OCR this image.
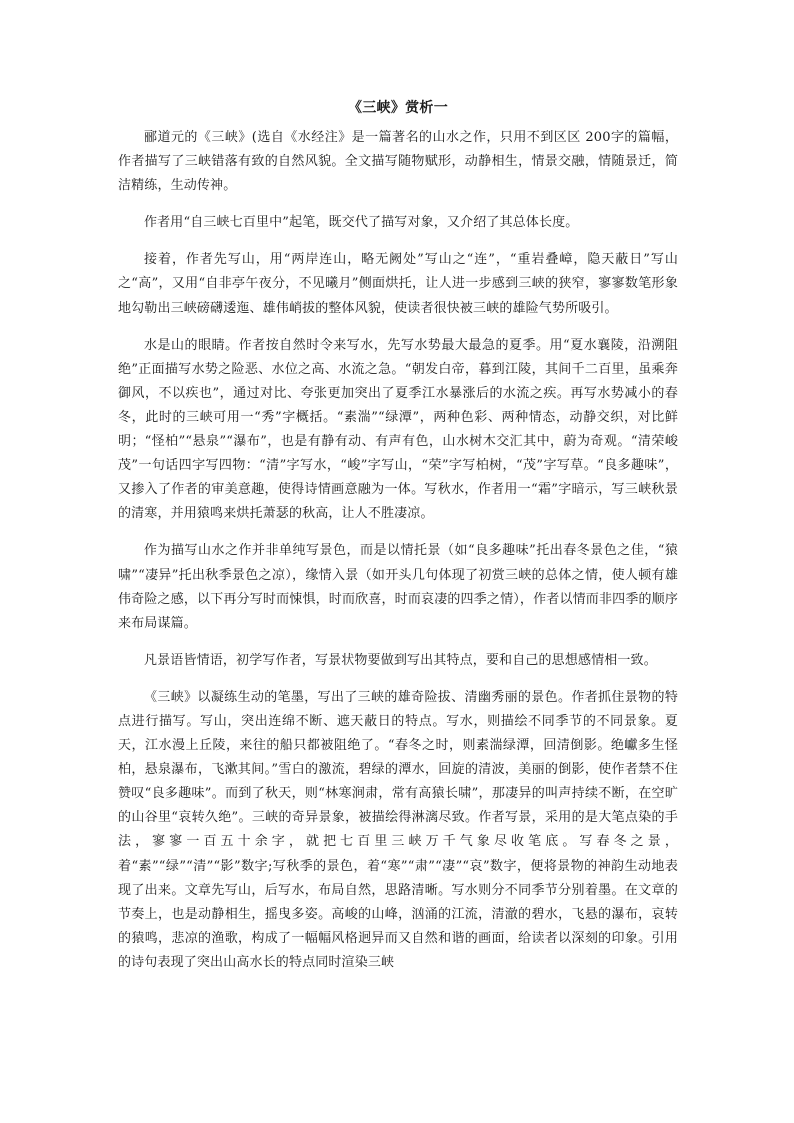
《三峡》赏析一

郦道元的《三峡》(选自《水经注》是一篇著名的山水之作，只用不到区区 200字的篇幅，作者描写了三峡错落有致的自然风貌。全文描写随物赋形，动静相生，情景交融，情随景迁，简洁精练，生动传神。

作者用“自三峡七百里中”起笔，既交代了描写对象，又介绍了其总体长度。

接着，作者先写山，用“两岸连山，略无阙处”写山之“连”，“重岩叠嶂，隐天蔽日”写山之“高”，又用“自非亭午夜分，不见曦月”侧面烘托，让人进一步感到三峡的狭窄，寥寥数笔形象地勾勒出三峡磅礴逶迤、雄伟峭拔的整体风貌，使读者很快被三峡的雄险气势所吸引。

水是山的眼睛。作者按自然时令来写水，先写水势最大最急的夏季。用“夏水襄陵，沿溯阻绝”正面描写水势之险恶、水位之高、水流之急。“朝发白帝，暮到江陵，其间千二百里，虽乘奔御风，不以疾也”，通过对比、夸张更加突出了夏季江水暴涨后的水流之疾。再写水势减小的春冬，此时的三峡可用一“秀”字概括。“素湍”“绿潭”，两种色彩、两种情态，动静交织，对比鲜明；“怪柏”“悬泉”“瀑布”，也是有静有动、有声有色，山水树木交汇其中，蔚为奇观。“清荣峻茂”一句话四字写四物：“清”字写水，“峻”字写山，“荣”字写柏树，“茂”字写草。“良多趣味”，又掺入了作者的审美意趣，使得诗情画意融为一体。写秋水，作者用一“霜”字暗示，写三峡秋景的清寒，并用猿鸣来烘托萧瑟的秋高，让人不胜凄凉。

作为描写山水之作并非单纯写景色，而是以情托景（如“良多趣味”托出春冬景色之佳，“猿啸”“凄异”托出秋季景色之凉），缘情入景（如开头几句体现了初赏三峡的总体之情，使人顿有雄伟奇险之感，以下再分写时而悚惧，时而欣喜，时而哀凄的四季之情），作者以情而非四季的顺序来布局谋篇。

凡景语皆情语，初学写作者，写景状物要做到写出其特点，要和自己的思想感情相一致。

《三峡》以凝练生动的笔墨，写出了三峡的雄奇险拔、清幽秀丽的景色。作者抓住景物的特点进行描写。写山，突出连绵不断、遮天蔽日的特点。写水，则描绘不同季节的不同景象。夏天，江水漫上丘陵，来往的船只都被阻绝了。“春冬之时，则素湍绿潭，回清倒影。绝巘多生怪柏，悬泉瀑布，飞漱其间。”雪白的激流，碧绿的潭水，回旋的清波，美丽的倒影，使作者禁不住赞叹“良多趣味”。而到了秋天，则“林寒涧肃，常有高猿长啸”，那凄异的叫声持续不断，在空旷的山谷里“哀转久绝”。三峡的奇异景象，被描绘得淋漓尽致。作者写景，采用的是大笔点染的手法，寥寥一百五十余字，就把七百里三峡万千气象尽收笔底。写春冬之景，着“素”“绿”“清”“影”数字;写秋季的景色，着“寒”“肃”“凄”“哀”数字，便将景物的神韵生动地表现了出来。文章先写山，后写水，布局自然，思路清晰。写水则分不同季节分别着墨。在文章的节奏上，也是动静相生，摇曳多姿。高峻的山峰，汹涌的江流，清澈的碧水，飞悬的瀑布，哀转的猿鸣，悲凉的渔歌，构成了一幅幅风格迥异而又自然和谐的画面，给读者以深刻的印象。引用的诗句表现了突出山高水长的特点同时渲染三峡
